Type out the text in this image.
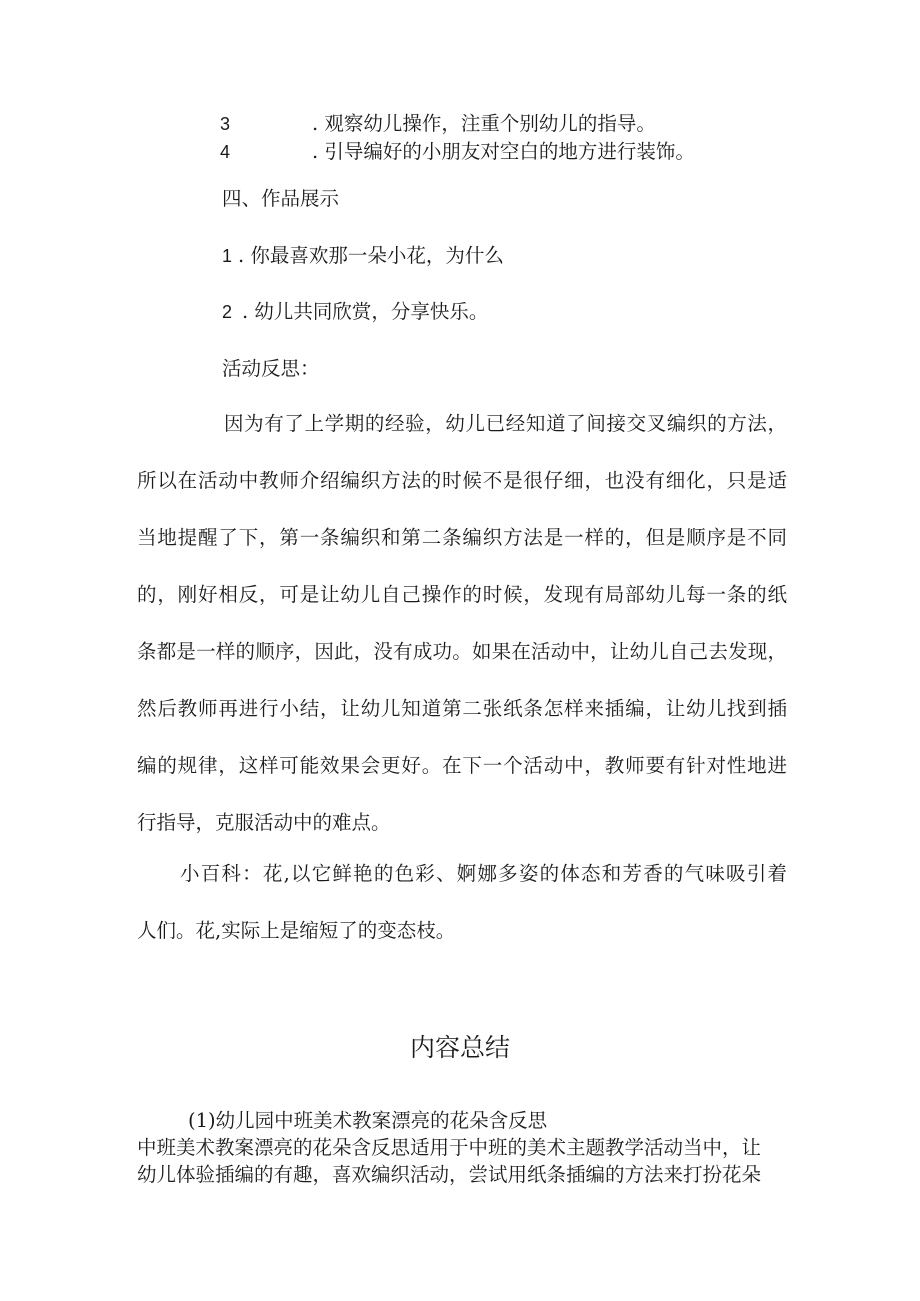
3	. 观察幼儿操作，注重个别幼儿的指导。
4	. 引导编好的小朋友对空白的地方进行装饰。
四、作品展示
1 . 你最喜欢那一朵小花，为什么
2 . 幼儿共同欣赏，分享快乐。
活动反思：
因为有了上学期的经验，幼儿已经知道了间接交叉编织的方法，
所以在活动中教师介绍编织方法的时候不是很仔细，也没有细化，只是适
当地提醒了下，第一条编织和第二条编织方法是一样的，但是顺序是不同
的，刚好相反，可是让幼儿自己操作的时候，发现有局部幼儿每一条的纸
条都是一样的顺序，因此，没有成功。如果在活动中，让幼儿自己去发现，
然后教师再进行小结，让幼儿知道第二张纸条怎样来插编，让幼儿找到插
编的规律，这样可能效果会更好。在下一个活动中，教师要有针对性地进
行指导，克服活动中的难点。
小百科：花,以它鲜艳的色彩、婀娜多姿的体态和芳香的气味吸引着
人们。花,实际上是缩短了的变态枝。
内容总结
(1)幼儿园中班美术教案漂亮的花朵含反思
中班美术教案漂亮的花朵含反思适用于中班的美术主题教学活动当中，让
幼儿体验插编的有趣，喜欢编织活动，尝试用纸条插编的方法来打扮花朵
